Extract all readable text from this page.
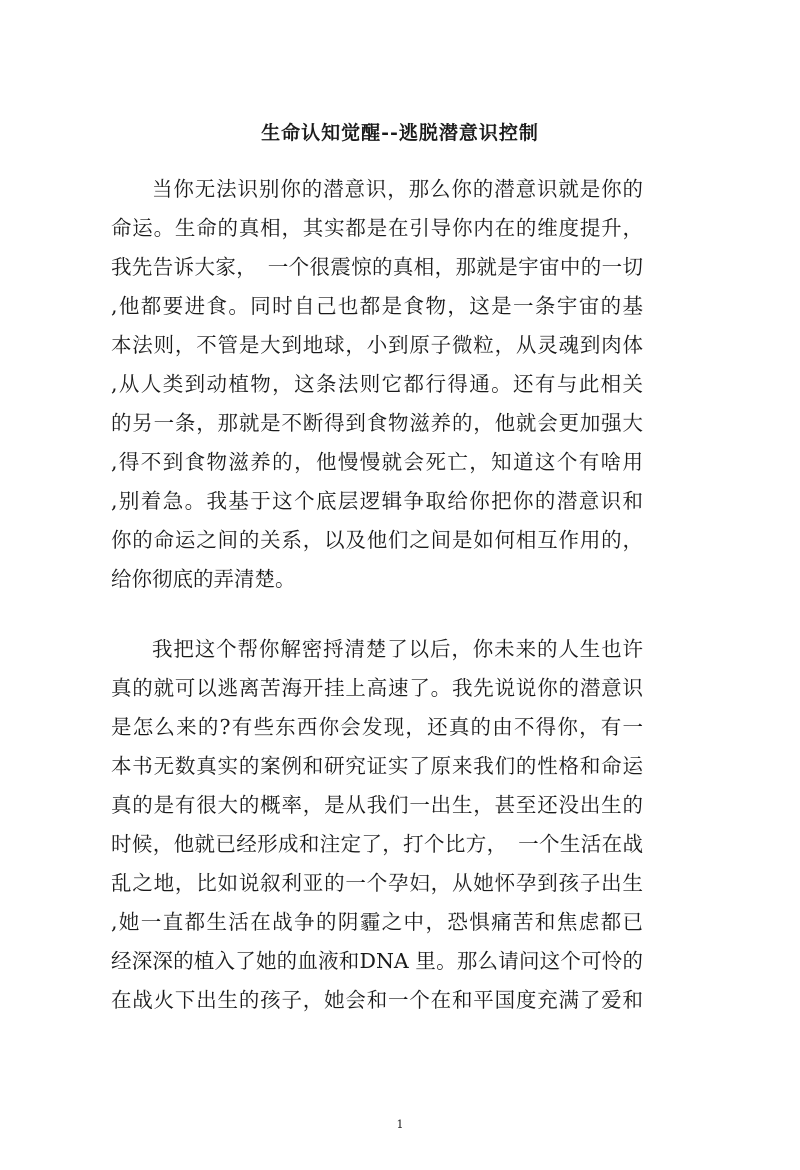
生命认知觉醒--逃脱潜意识控制
当你无法识别你的潜意识，那么你的潜意识就是你的
命运。生命的真相，其实都是在引导你内在的维度提升，
我先告诉大家，　一个很震惊的真相，那就是宇宙中的一切
,他都要进食。同时自己也都是食物，这是一条宇宙的基
本法则，不管是大到地球，小到原子微粒，从灵魂到肉体
,从人类到动植物，这条法则它都行得通。还有与此相关
的另一条，那就是不断得到食物滋养的，他就会更加强大
,得不到食物滋养的，他慢慢就会死亡，知道这个有啥用
,别着急。我基于这个底层逻辑争取给你把你的潜意识和
你的命运之间的关系，以及他们之间是如何相互作用的，
给你彻底的弄清楚。
我把这个帮你解密捋清楚了以后，你未来的人生也许
真的就可以逃离苦海开挂上高速了。我先说说你的潜意识
是怎么来的?有些东西你会发现，还真的由不得你，有一
本书无数真实的案例和研究证实了原来我们的性格和命运
真的是有很大的概率，是从我们一出生，甚至还没出生的
时候，他就已经形成和注定了，打个比方，　一个生活在战
乱之地，比如说叙利亚的一个孕妇，从她怀孕到孩子出生
,她一直都生活在战争的阴霾之中，恐惧痛苦和焦虑都已
经深深的植入了她的血液和DNA 里。那么请问这个可怜的
在战火下出生的孩子，她会和一个在和平国度充满了爱和
1
